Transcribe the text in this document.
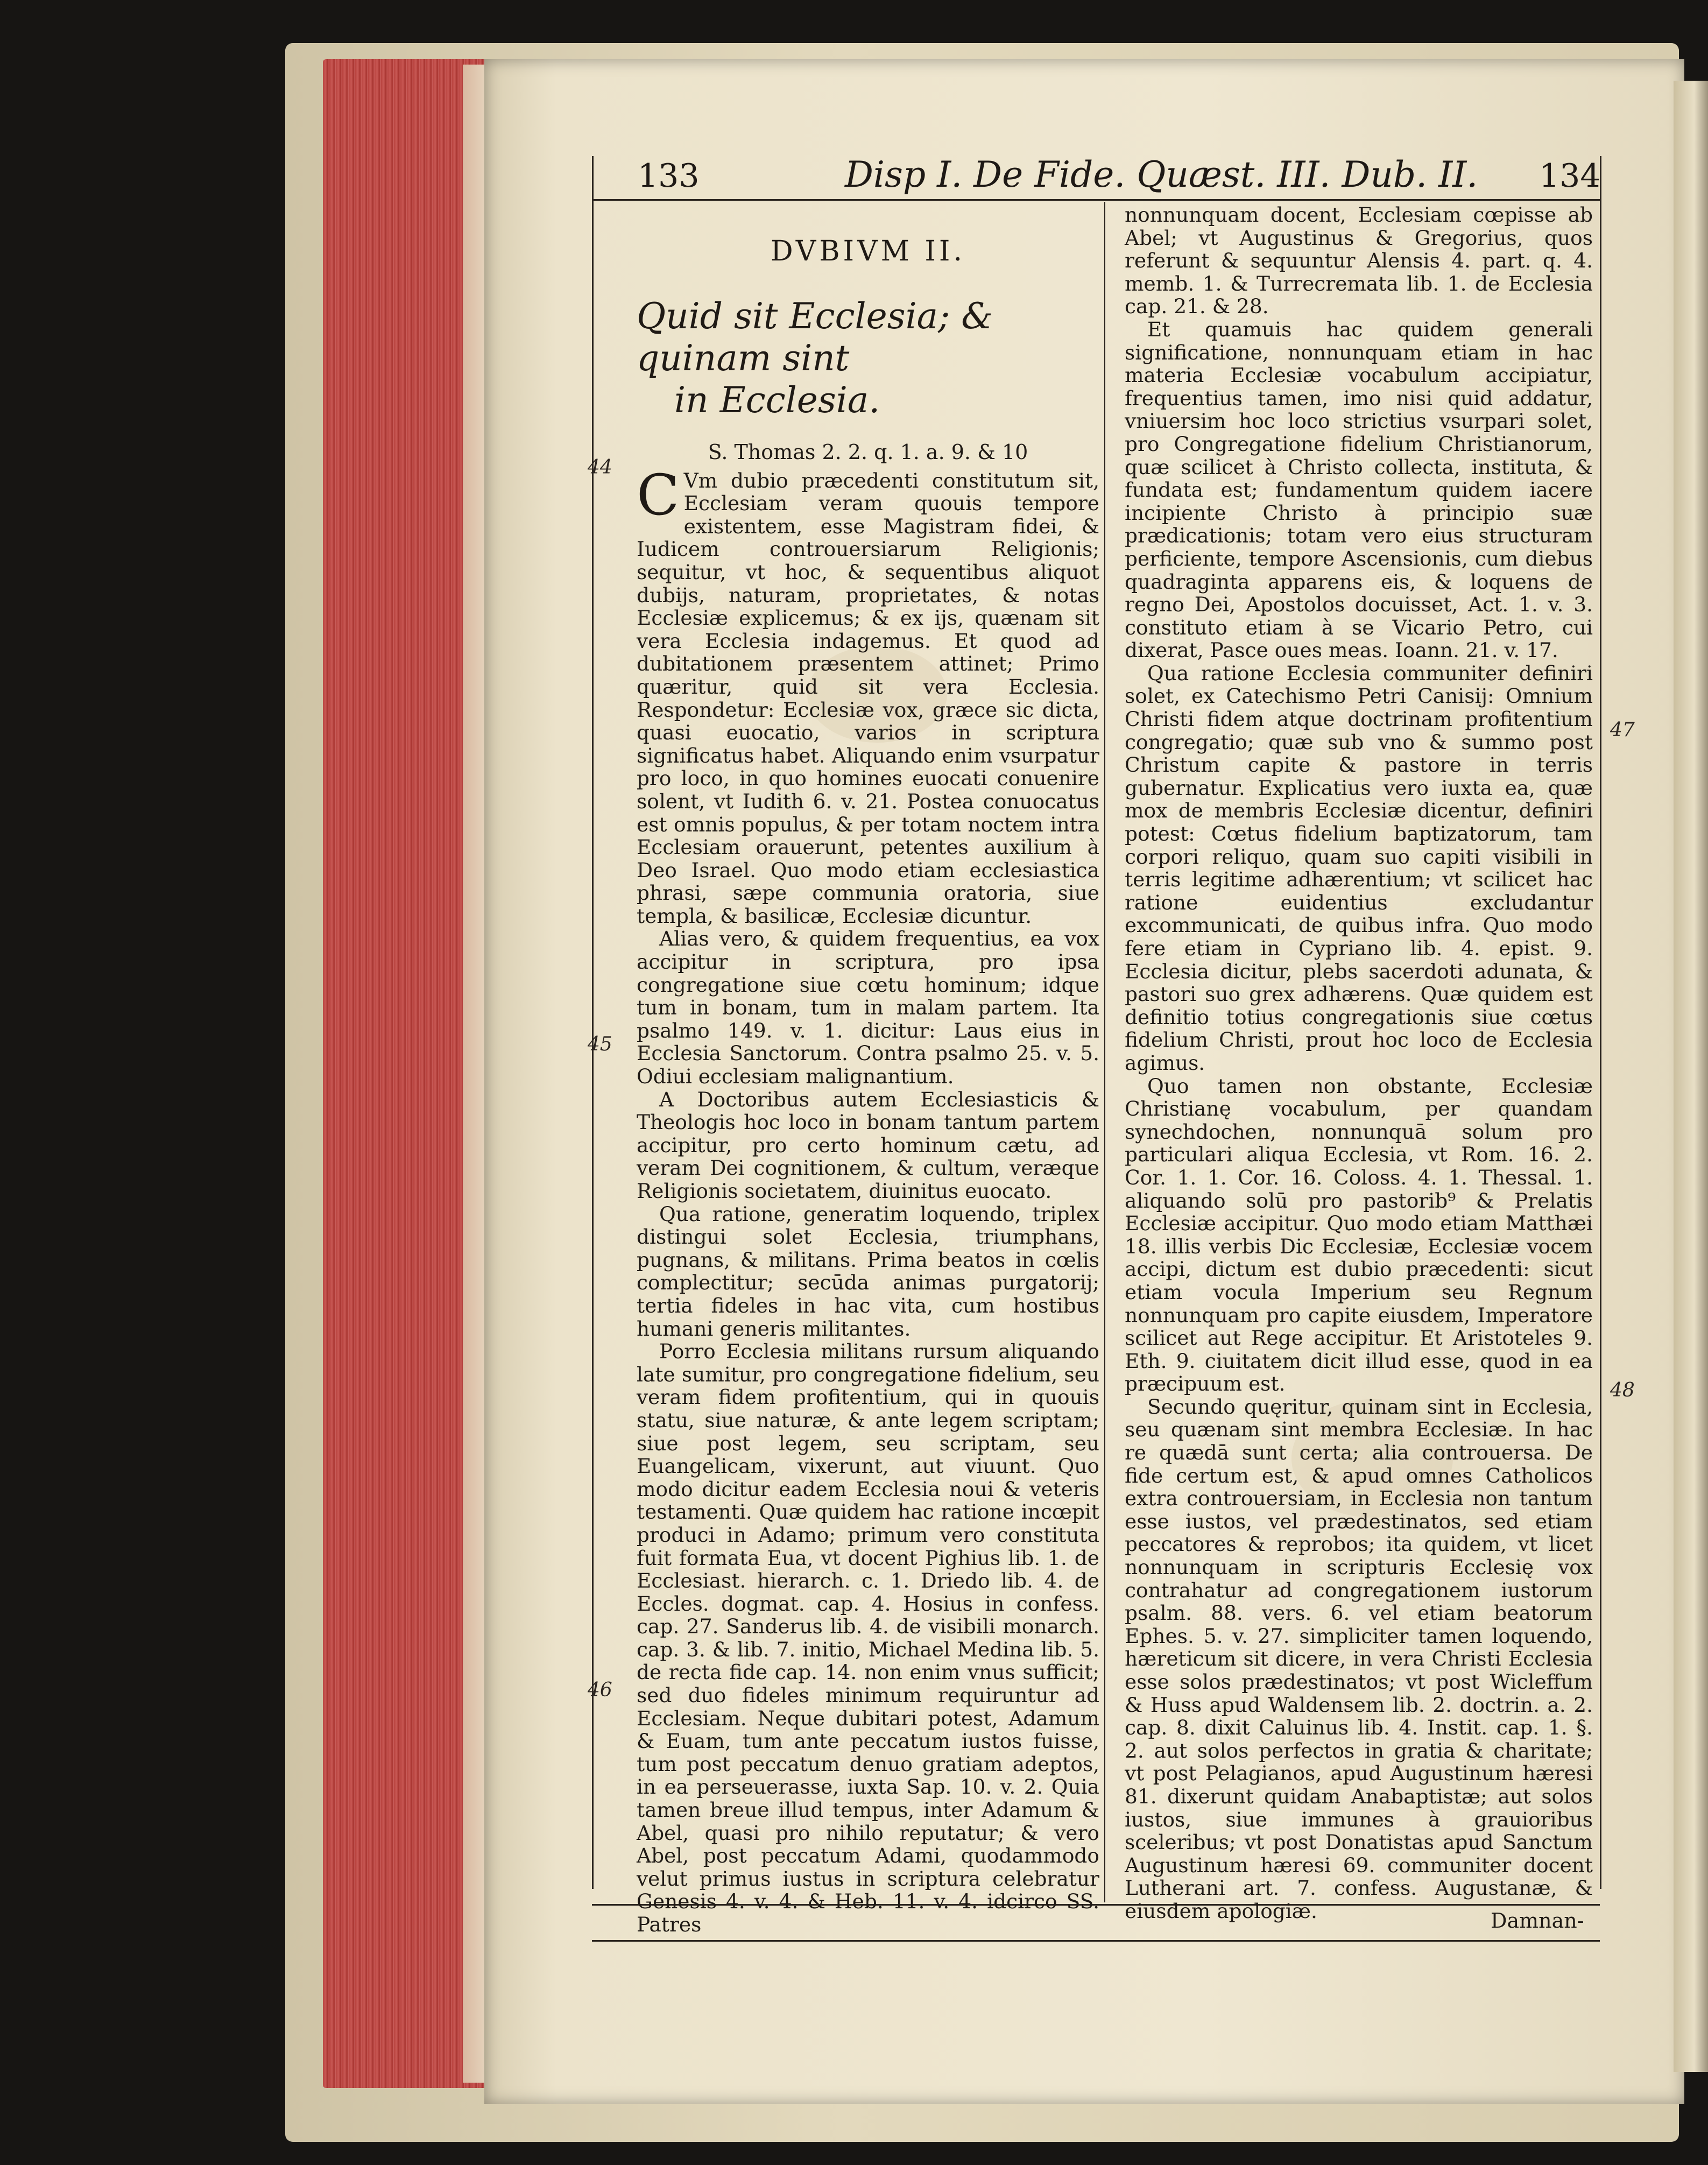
133	Disp I. De Fide. Quæst. III. Dub. II. 134
DVBIVM II.
Quid sit Ecclesia; & quinam sint
in Ecclesia.
S. Thomas 2. 2. q. 1. a. 9. & 10

C Vm dubio præcedenti constitutum sit, Ecclesiam veram quouis tempore existentem, esse Magistram fidei, & Iudicem controuersiarum Religionis; sequitur, vt hoc, & sequentibus aliquot dubijs, naturam, proprietates, & notas Ecclesiæ explicemus; & ex ijs, quænam sit vera Ecclesia indagemus. Et quod ad dubitationem præsentem attinet; Primo quæritur, quid sit vera Ecclesia. Respondetur: Ecclesiæ vox, græce sic dicta, quasi euocatio, varios in scriptura significatus habet. Aliquando enim vsurpatur pro loco, in quo homines euocati conuenire solent, vt Iudith 6. v. 21. Postea conuocatus est omnis populus, & per totam noctem intra Ecclesiam orauerunt, petentes auxilium à Deo Israel. Quo modo etiam ecclesiastica phrasi, sæpe communia oratoria, siue templa, & basilicæ, Ecclesiæ dicuntur.

Alias vero, & quidem frequentius, ea vox accipitur in scriptura, pro ipsa congregatione siue cœtu hominum; idque tum in bonam, tum in malam partem. Ita psalmo 149. v. 1. dicitur: Laus eius in Ecclesia Sanctorum. Contra psalmo 25. v. 5. Odiui ecclesiam malignantium.

A Doctoribus autem Ecclesiasticis & Theologis hoc loco in bonam tantum partem accipitur, pro certo hominum cætu, ad veram Dei cognitionem, & cultum, veræque Religionis societatem, diuinitus euocato.

Qua ratione, generatim loquendo, triplex distingui solet Ecclesia, triumphans, pugnans, & militans. Prima beatos in cœlis complectitur; secūda animas purgatorij; tertia fideles in hac vita, cum hostibus humani generis militantes.

Porro Ecclesia militans rursum aliquando late sumitur, pro congregatione fidelium, seu veram fidem profitentium, qui in quouis statu, siue naturæ, & ante legem scriptam; siue post legem, seu scriptam, seu Euangelicam, vixerunt, aut viuunt. Quo modo dicitur eadem Ecclesia noui & veteris testamenti. Quæ quidem hac ratione incœpit produci in Adamo; primum vero constituta fuit formata Eua, vt docent Pighius lib. 1. de Ecclesiast. hierarch. c. 1. Driedo lib. 4. de Eccles. dogmat. cap. 4. Hosius in confess. cap. 27. Sanderus lib. 4. de visibili monarch. cap. 3. & lib. 7. initio, Michael Medina lib. 5. de recta fide cap. 14. non enim vnus sufficit; sed duo fideles minimum requiruntur ad Ecclesiam. Neque dubitari potest, Adamum & Euam, tum ante peccatum iustos fuisse, tum post peccatum denuo gratiam adeptos, in ea perseuerasse, iuxta Sap. 10. v. 2. Quia tamen breue illud tempus, inter Adamum & Abel, quasi pro nihilo reputatur; & vero Abel, post peccatum Adami, quodammodo velut primus iustus in scriptura celebratur Genesis 4. v. 4. & Heb. 11. v. 4. idcirco SS. Patres

nonnunquam docent, Ecclesiam cœpisse ab Abel; vt Augustinus & Gregorius, quos referunt & sequuntur Alensis 4. part. q. 4. memb. 1. & Turrecremata lib. 1. de Ecclesia cap. 21. & 28.

Et quamuis hac quidem generali significatione, nonnunquam etiam in hac materia Ecclesiæ vocabulum accipiatur, frequentius tamen, imo nisi quid addatur, vniuersim hoc loco strictius vsurpari solet, pro Congregatione fidelium Christianorum, quæ scilicet à Christo collecta, instituta, & fundata est; fundamentum quidem iacere incipiente Christo à principio suæ prædicationis; totam vero eius structuram perficiente, tempore Ascensionis, cum diebus quadraginta apparens eis, & loquens de regno Dei, Apostolos docuisset, Act. 1. v. 3. constituto etiam à se Vicario Petro, cui dixerat, Pasce oues meas. Ioann. 21. v. 17.

Qua ratione Ecclesia communiter definiri solet, ex Catechismo Petri Canisij: Omnium Christi fidem atque doctrinam profitentium congregatio; quæ sub vno & summo post Christum capite & pastore in terris gubernatur. Explicatius vero iuxta ea, quæ mox de membris Ecclesiæ dicentur, definiri potest: Cœtus fidelium baptizatorum, tam corpori reliquo, quam suo capiti visibili in terris legitime adhærentium; vt scilicet hac ratione euidentius excludantur excommunicati, de quibus infra. Quo modo fere etiam in Cypriano lib. 4. epist. 9. Ecclesia dicitur, plebs sacerdoti adunata, & pastori suo grex adhærens. Quæ quidem est definitio totius congregationis siue cœtus fidelium Christi, prout hoc loco de Ecclesia agimus.

Quo tamen non obstante, Ecclesiæ Christianę vocabulum, per quandam synechdochen, nonnunquā solum pro particulari aliqua Ecclesia, vt Rom. 16. 2. Cor. 1. 1. Cor. 16. Coloss. 4. 1. Thessal. 1. aliquando solū pro pastorib⁹ & Prelatis Ecclesiæ accipitur. Quo modo etiam Matthæi 18. illis verbis Dic Ecclesiæ, Ecclesiæ vocem accipi, dictum est dubio præcedenti: sicut etiam vocula Imperium seu Regnum nonnunquam pro capite eiusdem, Imperatore scilicet aut Rege accipitur. Et Aristoteles 9. Eth. 9. ciuitatem dicit illud esse, quod in ea præcipuum est.

Secundo quęritur, quinam sint in Ecclesia, seu quænam sint membra Ecclesiæ. In hac re quædā sunt certa; alia controuersa. De fide certum est, & apud omnes Catholicos extra controuersiam, in Ecclesia non tantum esse iustos, vel prædestinatos, sed etiam peccatores & reprobos; ita quidem, vt licet nonnunquam in scripturis Ecclesię vox contrahatur ad congregationem iustorum psalm. 88. vers. 6. vel etiam beatorum Ephes. 5. v. 27. simpliciter tamen loquendo, hæreticum sit dicere, in vera Christi Ecclesia esse solos prædestinatos; vt post Wicleffum & Huss apud Waldensem lib. 2. doctrin. a. 2. cap. 8. dixit Caluinus lib. 4. Instit. cap. 1. §. 2. aut solos perfectos in gratia & charitate; vt post Pelagianos, apud Augustinum hæresi 81. dixerunt quidam Anabaptistæ; aut solos iustos, siue immunes à grauioribus sceleribus; vt post Donatistas apud Sanctum Augustinum hæresi 69. communiter docent Lutherani art. 7. confess. Augustanæ, & eiusdem apologiæ.

44
45
46
47
48
Damnan-
